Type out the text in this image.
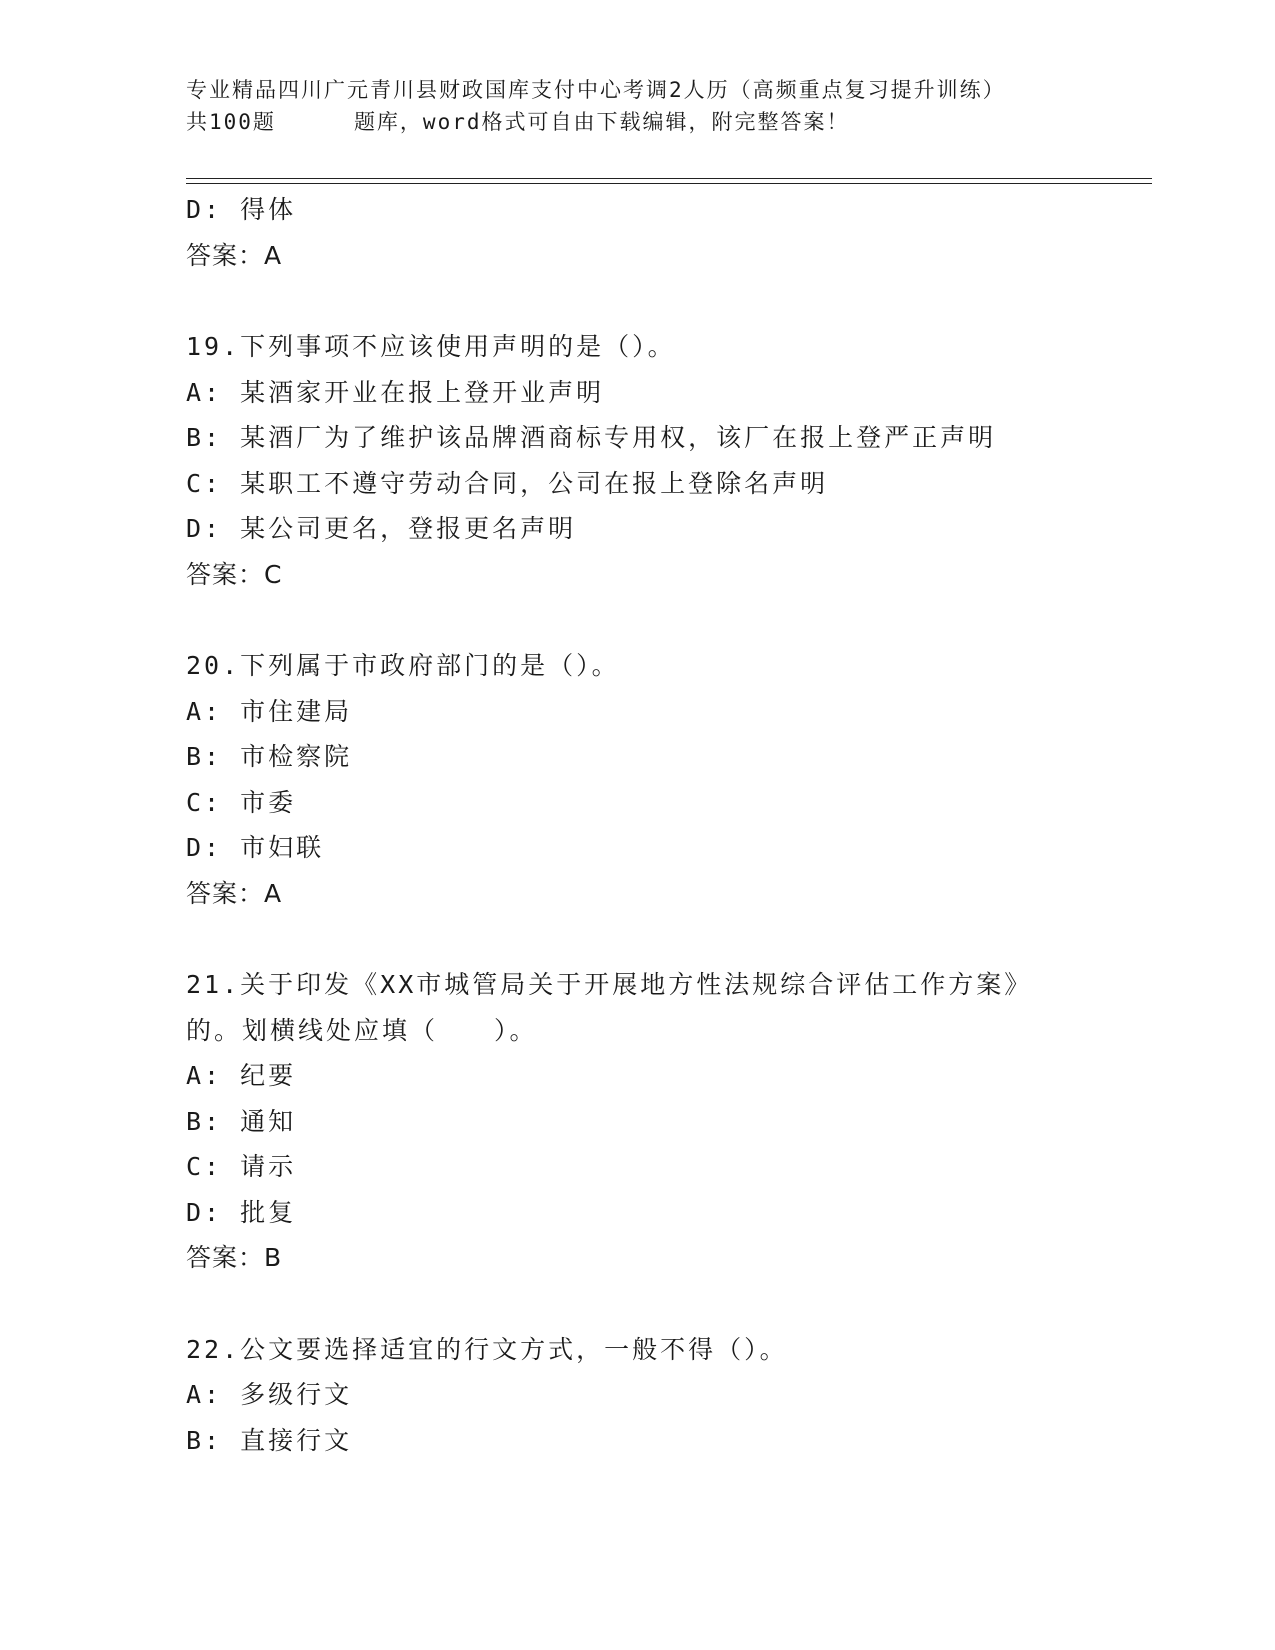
专业精品四川广元青川县财政国库支付中心考调2人历（高频重点复习提升训练）
共100题	题库，word格式可自由下载编辑，附完整答案！
D: 得体
答案：A
19.下列事项不应该使用声明的是（）。
A: 某酒家开业在报上登开业声明
B: 某酒厂为了维护该品牌酒商标专用权，该厂在报上登严正声明
C: 某职工不遵守劳动合同，公司在报上登除名声明
D: 某公司更名，登报更名声明
答案：C
20.下列属于市政府部门的是（）。
A: 市住建局
B: 市检察院
C: 市委
D: 市妇联
答案：A
21.关于印发《XX市城管局关于开展地方性法规综合评估工作方案》
的。划横线处应填（　　）。
A: 纪要
B: 通知
C: 请示
D: 批复
答案：B
22.公文要选择适宜的行文方式，一般不得（）。
A: 多级行文
B: 直接行文
